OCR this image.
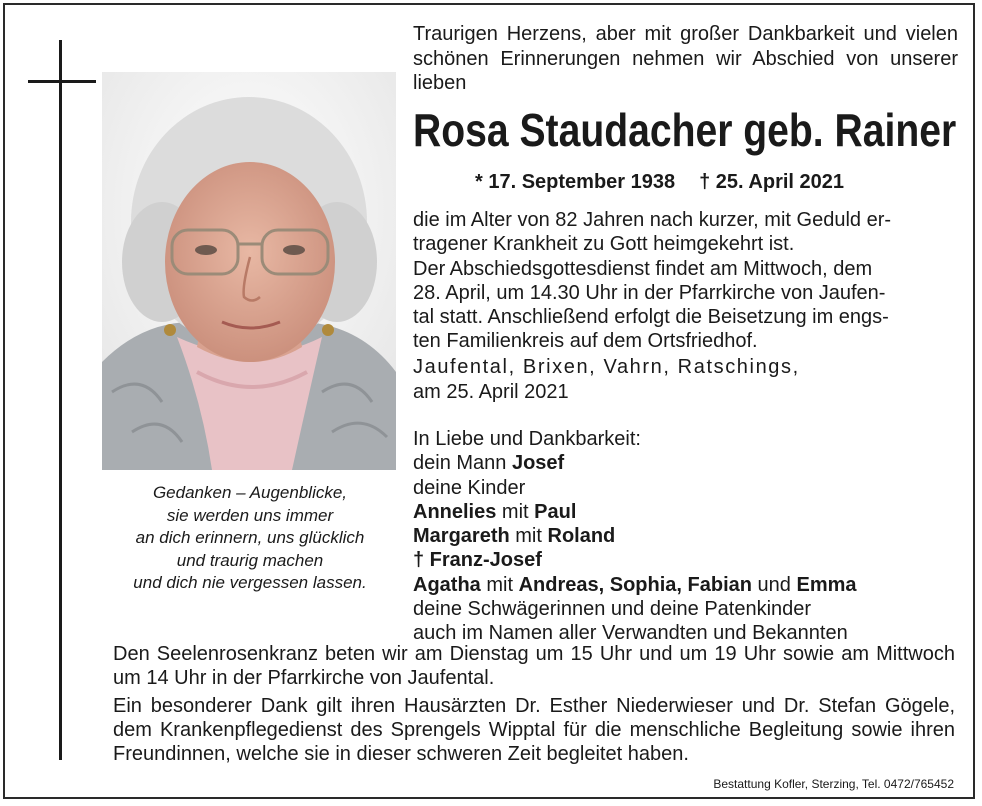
Gedanken – Augenblicke,
sie werden uns immer
an dich erinnern, uns glücklich
und traurig machen
und dich nie vergessen lassen.
Traurigen Herzens, aber mit großer Dankbarkeit und vielen schönen Erinnerungen nehmen wir Abschied von unserer lieben
Rosa Staudacher geb. Rainer
* 17. September 1938 † 25. April 2021
die im Alter von 82 Jahren nach kurzer, mit Geduld er-
tragener Krankheit zu Gott heimgekehrt ist.
Der Abschiedsgottesdienst findet am Mittwoch, dem
28. April, um 14.30 Uhr in der Pfarrkirche von Jaufen-
tal statt. Anschließend erfolgt die Beisetzung im engs-
ten Familienkreis auf dem Ortsfriedhof.
Jaufental, Brixen, Vahrn, Ratschings,
am 25. April 2021
In Liebe und Dankbarkeit:
dein Mann Josef
deine Kinder
Annelies mit Paul
Margareth mit Roland
† Franz-Josef
Agatha mit Andreas, Sophia, Fabian und Emma
deine Schwägerinnen und deine Patenkinder
auch im Namen aller Verwandten und Bekannten

Den Seelenrosenkranz beten wir am Dienstag um 15 Uhr und um 19 Uhr sowie am Mittwoch um 14 Uhr in der Pfarrkirche von Jaufental.

Ein besonderer Dank gilt ihren Hausärzten Dr. Esther Niederwieser und Dr. Stefan Gögele, dem Krankenpflegedienst des Sprengels Wipptal für die menschliche Begleitung sowie ihren Freundinnen, welche sie in dieser schweren Zeit begleitet haben.

Bestattung Kofler, Sterzing, Tel. 0472/765452
